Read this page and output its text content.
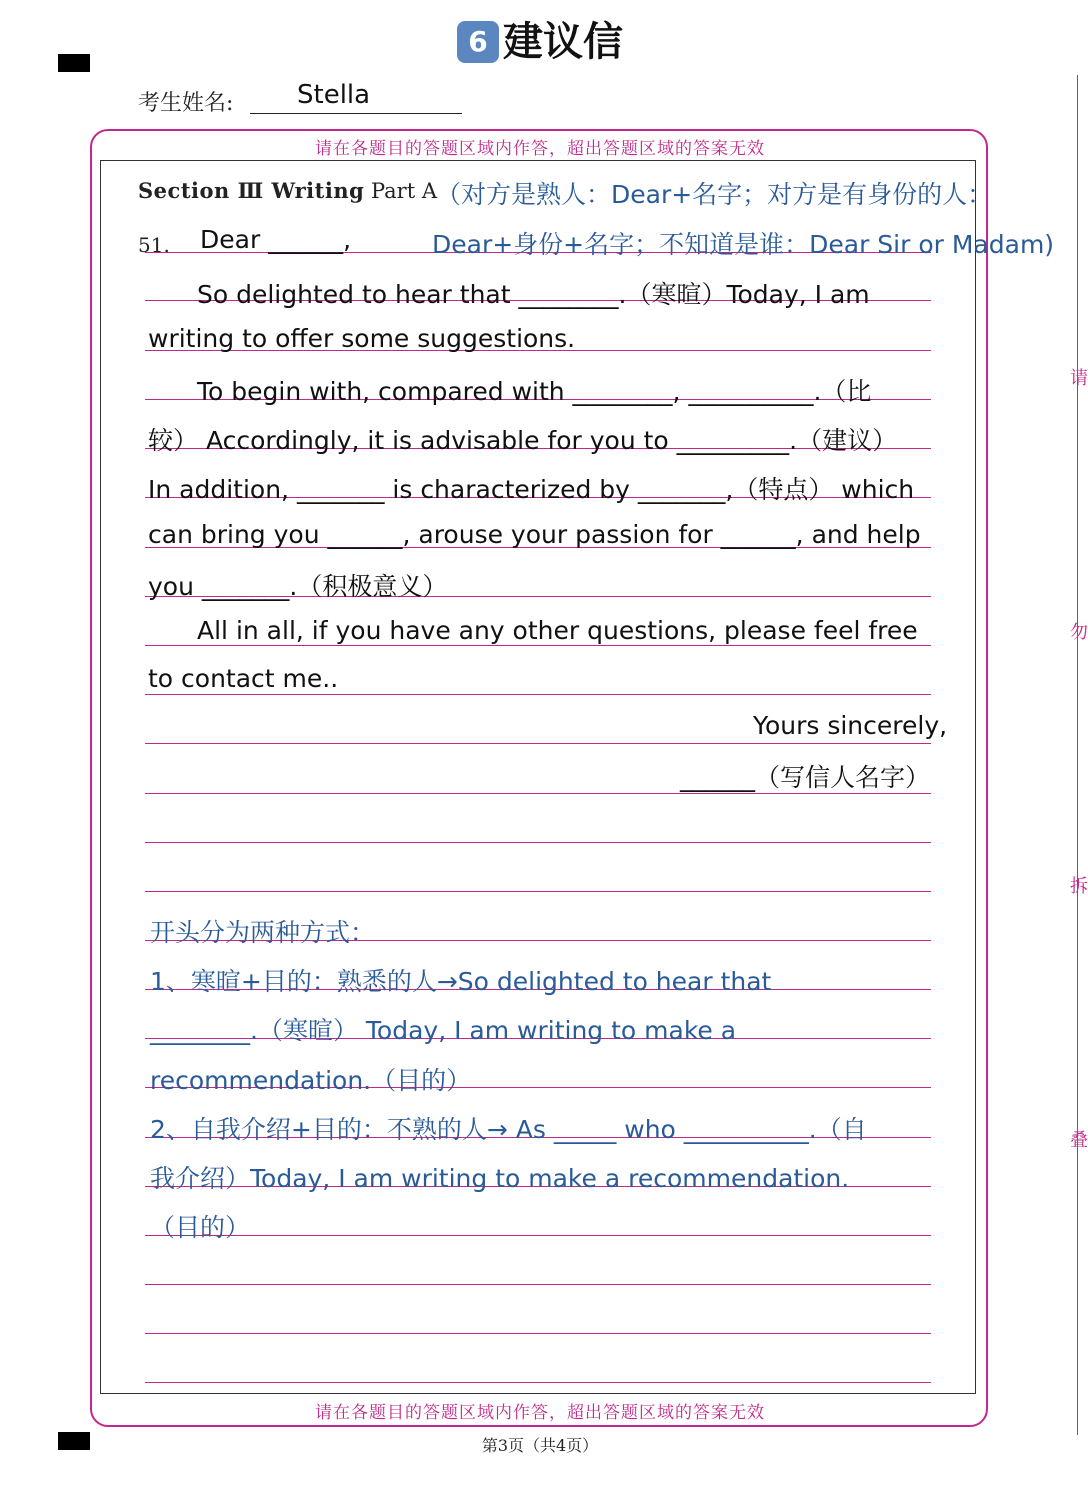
6 建议信
考生姓名: Stella
请在各题目的答题区域内作答，超出答题区域的答案无效
请在各题目的答题区域内作答，超出答题区域的答案无效
Section Ⅲ Writing Part A （对方是熟人：Dear+名字；对方是有身份的人：
51. Dear ______,	Dear+身份+名字；不知道是谁：Dear Sir or Madam)
So delighted to hear that ________.（寒暄）Today, I am
writing to offer some suggestions.
To begin with, compared with ________, __________.（比
较） Accordingly, it is advisable for you to _________.（建议）
In addition, _______ is characterized by _______,（特点） which
can bring you ______, arouse your passion for ______, and help
you _______.（积极意义）
All in all, if you have any other questions, please feel free
to contact me..
Yours sincerely,
______（写信人名字）
开头分为两种方式：
1、寒暄+目的：熟悉的人→So delighted to hear that
________.（寒暄） Today, I am writing to make a
recommendation.（目的）
2、自我介绍+目的：不熟的人→ As _____ who __________.（自
我介绍）Today, I am writing to make a recommendation.
（目的）
请
勿
拆
叠
第3页（共4页）
